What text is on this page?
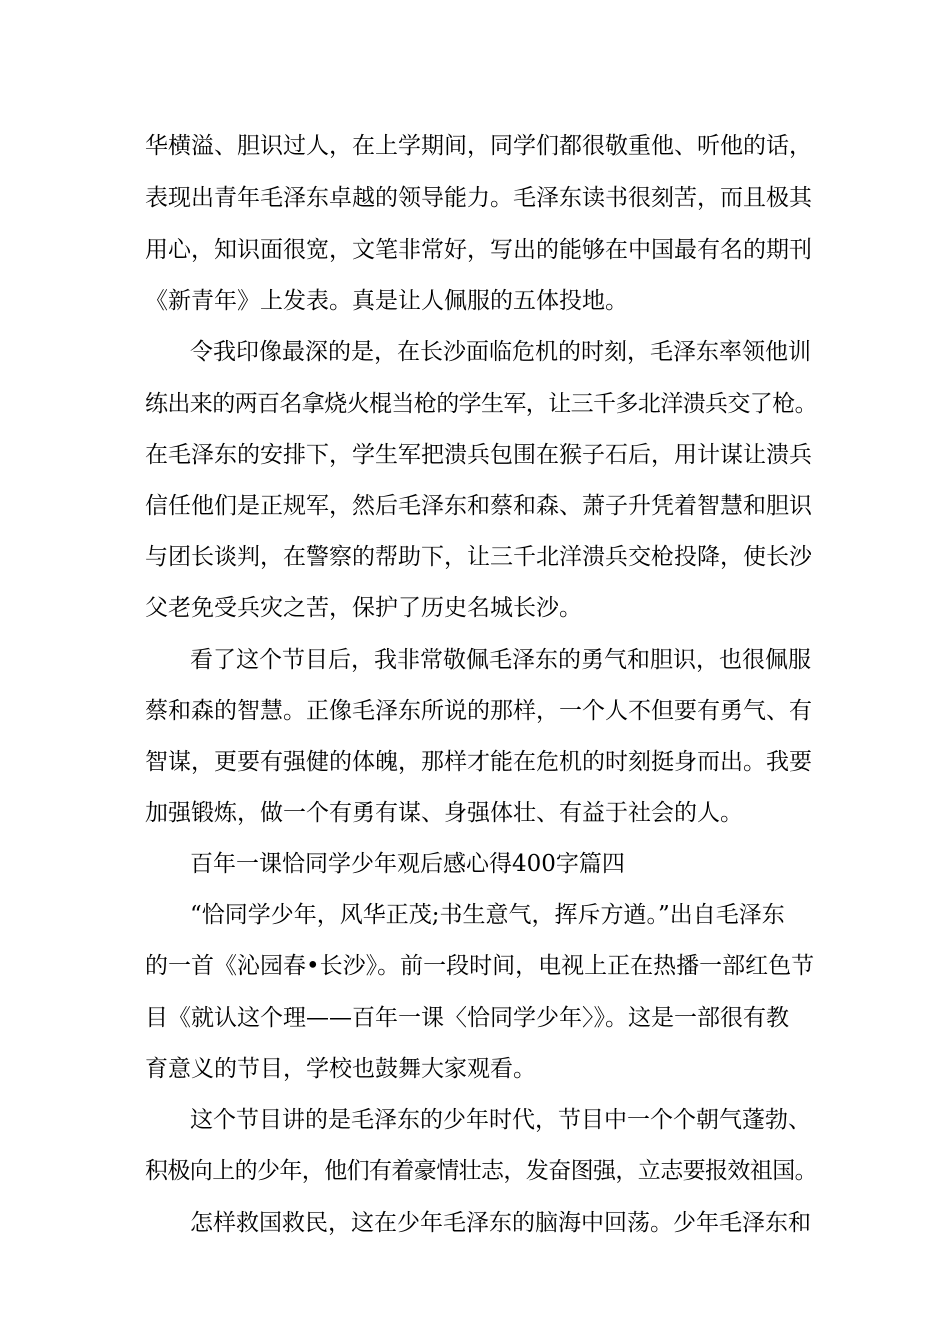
华横溢、胆识过人，在上学期间，同学们都很敬重他、听他的话，
表现出青年毛泽东卓越的领导能力。毛泽东读书很刻苦，而且极其
用心，知识面很宽，文笔非常好，写出的能够在中国最有名的期刊
《新青年》上发表。真是让人佩服的五体投地。
令我印像最深的是，在长沙面临危机的时刻，毛泽东率领他训
练出来的两百名拿烧火棍当枪的学生军，让三千多北洋溃兵交了枪。
在毛泽东的安排下，学生军把溃兵包围在猴子石后，用计谋让溃兵
信任他们是正规军，然后毛泽东和蔡和森、萧子升凭着智慧和胆识
与团长谈判，在警察的帮助下，让三千北洋溃兵交枪投降，使长沙
父老免受兵灾之苦，保护了历史名城长沙。
看了这个节目后，我非常敬佩毛泽东的勇气和胆识，也很佩服
蔡和森的智慧。正像毛泽东所说的那样，一个人不但要有勇气、有
智谋，更要有强健的体魄，那样才能在危机的时刻挺身而出。我要
加强锻炼，做一个有勇有谋、身强体壮、有益于社会的人。
百年一课恰同学少年观后感心得400字篇四
“恰同学少年，风华正茂;书生意气，挥斥方遒。”出自毛泽东
的一首《沁园春•长沙》。前一段时间，电视上正在热播一部红色节
目《就认这个理——百年一课〈恰同学少年〉》。这是一部很有教
育意义的节目，学校也鼓舞大家观看。
这个节目讲的是毛泽东的少年时代，节目中一个个朝气蓬勃、
积极向上的少年，他们有着豪情壮志，发奋图强，立志要报效祖国。
怎样救国救民，这在少年毛泽东的脑海中回荡。少年毛泽东和
